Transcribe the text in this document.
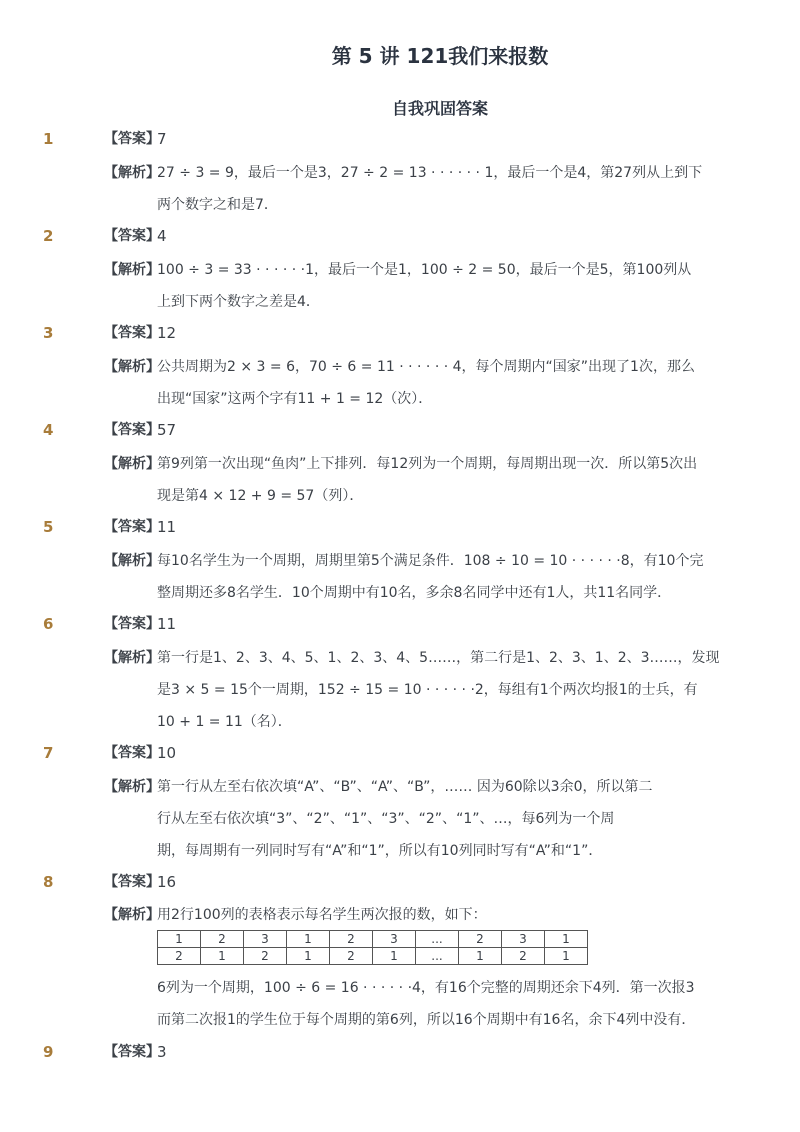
第 5 讲 121我们来报数
自我巩固答案
1	【答案】
7
【解析】
27 ÷ 3 = 9，最后一个是3，27 ÷ 2 = 13 · · · · · · 1，最后一个是4，第27列从上到下
两个数字之和是7．
2	【答案】
4
【解析】
100 ÷ 3 = 33 · · · · · ·1，最后一个是1，100 ÷ 2 = 50，最后一个是5，第100列从
上到下两个数字之差是4．
3	【答案】
12
【解析】
公共周期为2 × 3 = 6，70 ÷ 6 = 11 · · · · · · 4，每个周期内“国家”出现了1次，那么
出现“国家”这两个字有11 + 1 = 12（次）．
4	【答案】
57
【解析】
第9列第一次出现“鱼肉”上下排列．每12列为一个周期，每周期出现一次．所以第5次出
现是第4 × 12 + 9 = 57（列）．
5	【答案】
11
【解析】
每10名学生为一个周期，周期里第5个满足条件．108 ÷ 10 = 10 · · · · · ·8，有10个完
整周期还多8名学生．10个周期中有10名，多余8名同学中还有1人，共11名同学．
6	【答案】
11
【解析】
第一行是1、2、3、4、5、1、2、3、4、5……，第二行是1、2、3、1、2、3……，发现
是3 × 5 = 15个一周期，152 ÷ 15 = 10 · · · · · ·2，每组有1个两次均报1的士兵，有
10 + 1 = 11（名）．
7	【答案】
10
【解析】
第一行从左至右依次填“A”、“B”、“A”、“B”，…… 因为60除以3余0，所以第二
行从左至右依次填“3”、“2”、“1”、“3”、“2”、“1”、…，每6列为一个周
期，每周期有一列同时写有“A”和“1”，所以有10列同时写有“A”和“1”．
8	【答案】
16
【解析】
用2行100列的表格表示每名学生两次报的数，如下：
1	2	3	1	2	3	...	2	3	1
2	1	2	1	2	1	...	1	2	1
6列为一个周期，100 ÷ 6 = 16 · · · · · ·4，有16个完整的周期还余下4列．第一次报3
而第二次报1的学生位于每个周期的第6列，所以16个周期中有16名，余下4列中没有．
9	【答案】
3
